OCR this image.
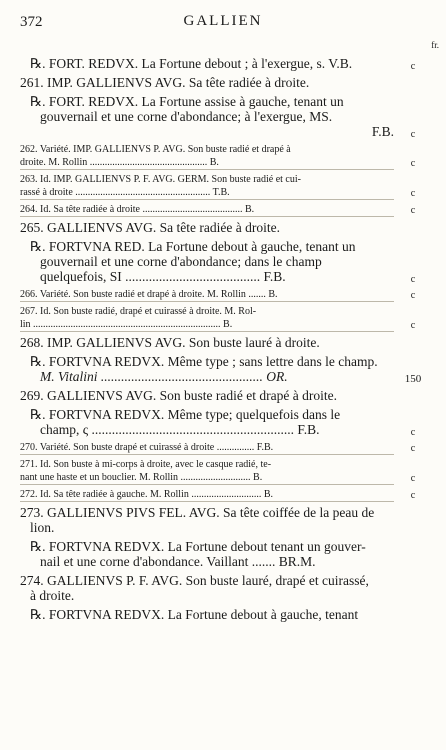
372	GALLIEN
fr.
℞. FORT. REDVX. La Fortune debout ; à l'exergue, s. V.B.	c
261. IMP. GALLIENVS AVG. Sa tête radiée à droite.
℞. FORT. REDVX. La Fortune assise à gauche, tenant un
gouvernail et une corne d'abondance; à l'exergue, MS.
F.B.	c
262. Variété. IMP. GALLIENVS P. AVG. Son buste radié et drapé à
droite. M. Rollin ............................................... B.	c
263. Id. IMP. GALLIENVS P. F. AVG. GERM. Son buste radié et cui-
rassé à droite ...................................................... T.B.	c
264. Id. Sa tête radiée à droite ........................................ B.	c
265. GALLIENVS AVG. Sa tête radiée à droite.
℞. FORTVNA RED. La Fortune debout à gauche, tenant un
gouvernail et une corne d'abondance; dans le champ
quelquefois, SI ........................................ F.B.	c
266. Variété. Son buste radié et drapé à droite. M. Rollin ....... B.	c
267. Id. Son buste radié, drapé et cuirassé à droite. M. Rol-
lin ........................................................................... B.	c
268. IMP. GALLIENVS AVG. Son buste lauré à droite.
℞. FORTVNA REDVX. Même type ; sans lettre dans le champ.
M. Vitalini ................................................ OR.	150
269. GALLIENVS AVG. Son buste radié et drapé à droite.
℞. FORTVNA REDVX. Même type; quelquefois dans le
champ, ς ............................................................ F.B.	c
270. Variété. Son buste drapé et cuirassé à droite ............... F.B.	c
271. Id. Son buste à mi-corps à droite, avec le casque radié, te-
nant une haste et un bouclier. M. Rollin ............................ B.	c
272. Id. Sa tête radiée à gauche. M. Rollin ............................ B.	c
273. GALLIENVS PIVS FEL. AVG. Sa tête coiffée de la peau de
lion.
℞. FORTVNA REDVX. La Fortune debout tenant un gouver-
nail et une corne d'abondance. Vaillant ....... BR.M.
274. GALLIENVS P. F. AVG. Son buste lauré, drapé et cuirassé,
à droite.
℞. FORTVNA REDVX. La Fortune debout à gauche, tenant
